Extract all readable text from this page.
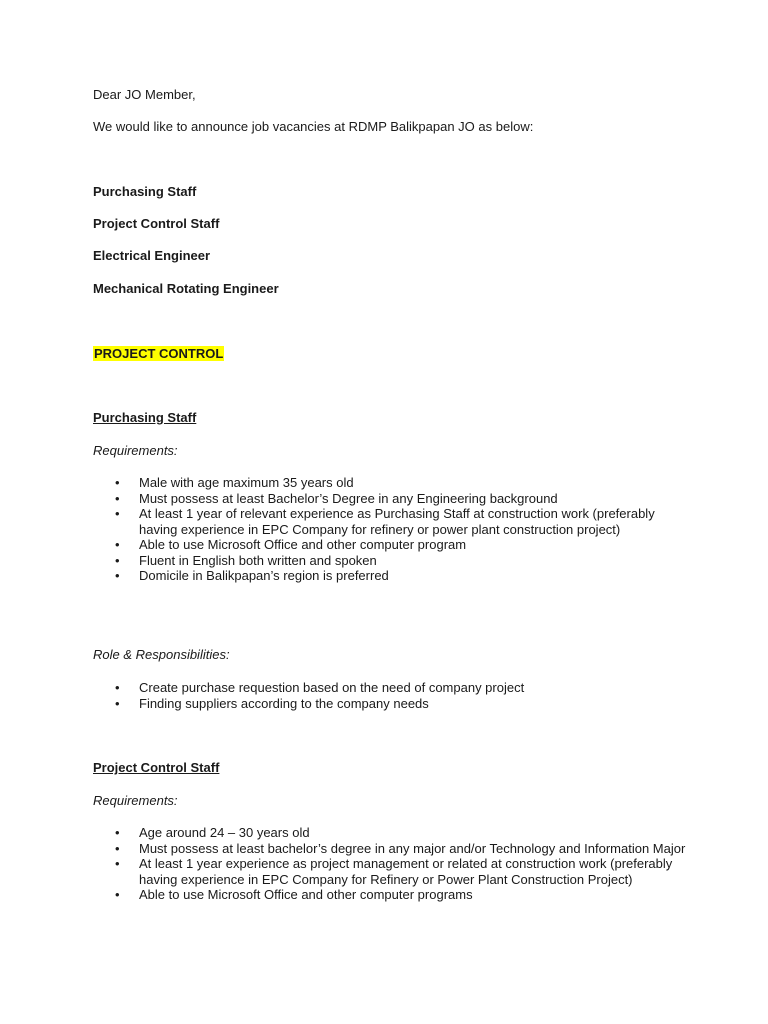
Dear JO Member,
We would like to announce job vacancies at RDMP Balikpapan JO as below:
Purchasing Staff
Project Control Staff
Electrical Engineer
Mechanical Rotating Engineer
PROJECT CONTROL
Purchasing Staff
Requirements:
• Male with age maximum 35 years old
• Must possess at least Bachelor’s Degree in any Engineering background
• At least 1 year of relevant experience as Purchasing Staff at construction work (preferably having experience in EPC Company for refinery or power plant construction project)
• Able to use Microsoft Office and other computer program
• Fluent in English both written and spoken
• Domicile in Balikpapan’s region is preferred
Role & Responsibilities:
• Create purchase requestion based on the need of company project
• Finding suppliers according to the company needs
Project Control Staff
Requirements:
• Age around 24 – 30 years old
• Must possess at least bachelor’s degree in any major and/or Technology and Information Major
• At least 1 year experience as project management or related at construction work (preferably having experience in EPC Company for Refinery or Power Plant Construction Project)
• Able to use Microsoft Office and other computer programs
